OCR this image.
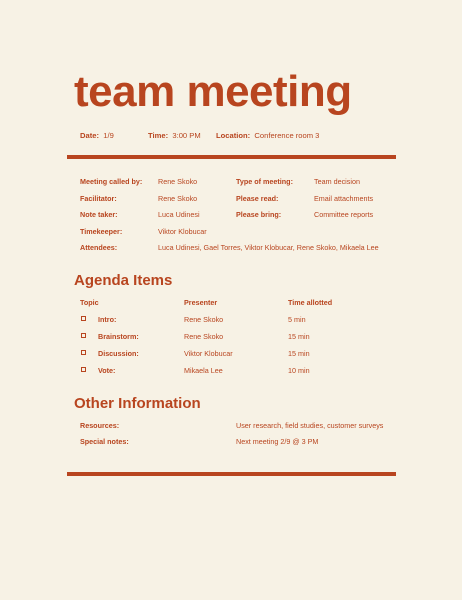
team meeting
Date: 1/9	Time: 3:00 PM Location: Conference room 3
Meeting called by: Rene Skoko	Type of meeting:	Team decision
Facilitator:	Rene Skoko	Please read:	Email attachments
Note taker:	Luca Udinesi	Please bring:	Committee reports
Timekeeper:	Viktor Klobucar
Attendees:	Luca Udinesi, Gael Torres, Viktor Klobucar, Rene Skoko, Mikaela Lee
Agenda Items
Topic	Presenter	Time allotted
Intro:	Rene Skoko	5 min
Brainstorm:	Rene Skoko	15 min
Discussion:	Viktor Klobucar	15 min
Vote:	Mikaela Lee	10 min
Other Information
Resources:	User research, field studies, customer surveys
Special notes:	Next meeting 2/9 @ 3 PM
